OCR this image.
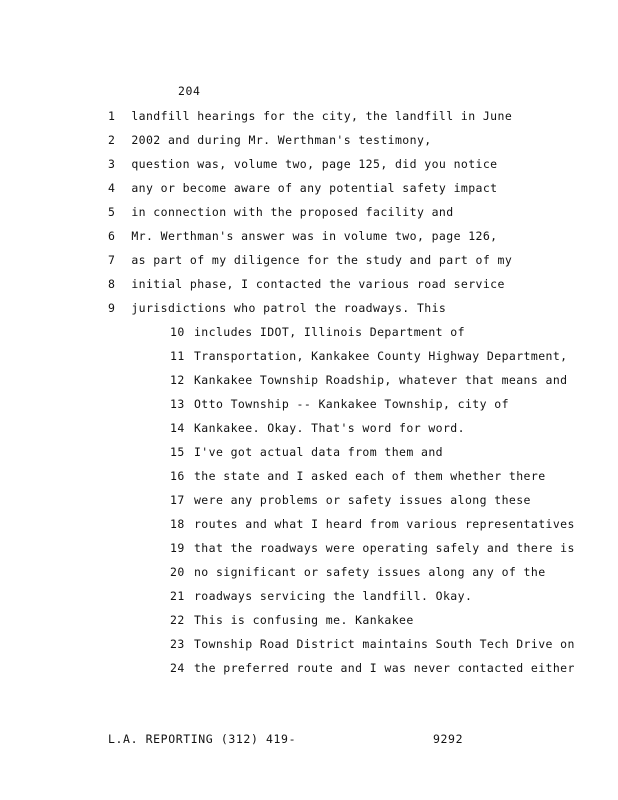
204
1 landfill hearings for the city, the landfill in June
2 2002 and during Mr. Werthman's testimony,
3 question was, volume two, page 125, did you notice
4 any or become aware of any potential safety impact
5 in connection with the proposed facility and
6 Mr. Werthman's answer was in volume two, page 126,
7 as part of my diligence for the study and part of my
8 initial phase, I contacted the various road service
9 jurisdictions who patrol the roadways. This
10 includes IDOT, Illinois Department of
11 Transportation, Kankakee County Highway Department,
12 Kankakee Township Roadship, whatever that means and
13 Otto Township -- Kankakee Township, city of
14 Kankakee. Okay. That's word for word.
15 I've got actual data from them and
16 the state and I asked each of them whether there
17 were any problems or safety issues along these
18 routes and what I heard from various representatives
19 that the roadways were operating safely and there is
20 no significant or safety issues along any of the
21 roadways servicing the landfill. Okay.
22 This is confusing me. Kankakee
23 Township Road District maintains South Tech Drive on
24 the preferred route and I was never contacted either
L.A. REPORTING (312) 419-	9292
